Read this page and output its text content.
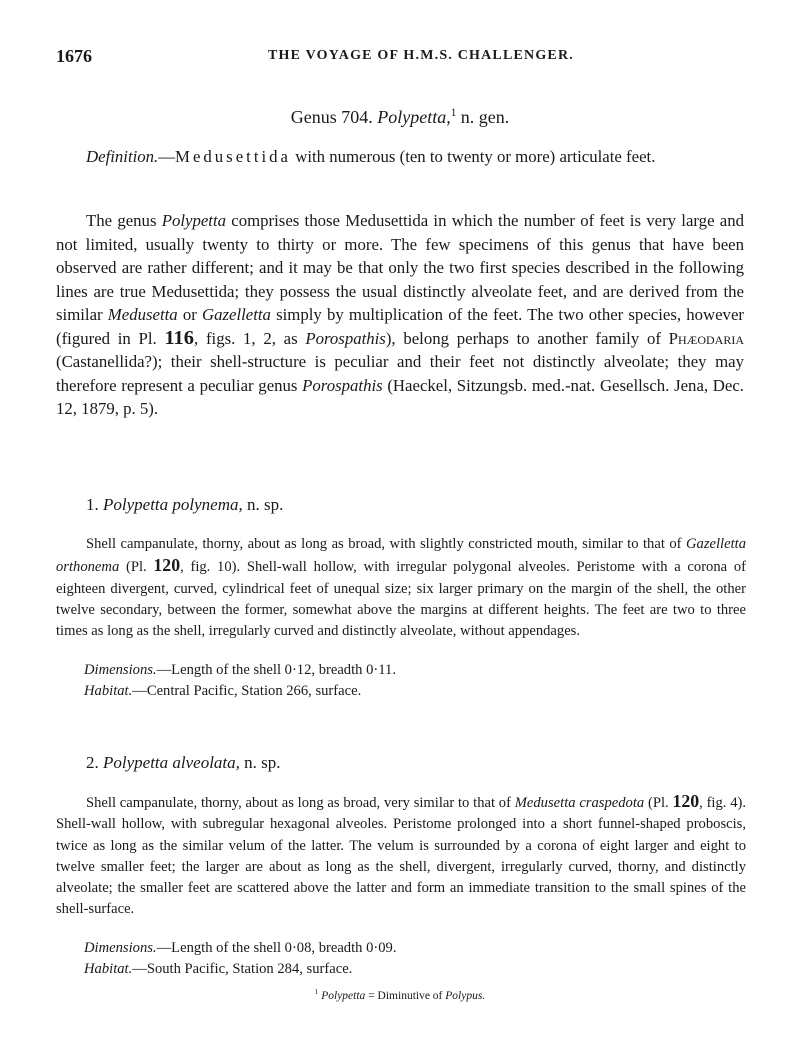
1676	THE VOYAGE OF H.M.S. CHALLENGER.
Genus 704. Polypetta,$^1$ n. gen.
Definition.—Medusettida with numerous (ten to twenty or more) articulate feet.
The genus Polypetta comprises those Medusettida in which the number of feet is very large and not limited, usually twenty to thirty or more. The few specimens of this genus that have been observed are rather different; and it may be that only the two first species described in the following lines are true Medusettida; they possess the usual distinctly alveolate feet, and are derived from the similar Medusetta or Gazelletta simply by multiplication of the feet. The two other species, however (figured in Pl. 116, figs. 1, 2, as Porospathis), belong perhaps to another family of Phæodaria (Castanellida?); their shell-structure is peculiar and their feet not distinctly alveolate; they may therefore represent a peculiar genus Porospathis (Haeckel, Sitzungsb. med.-nat. Gesellsch. Jena, Dec. 12, 1879, p. 5).
1. Polypetta polynema, n. sp.
Shell campanulate, thorny, about as long as broad, with slightly constricted mouth, similar to that of Gazelletta orthonema (Pl. 120, fig. 10). Shell-wall hollow, with irregular polygonal alveoles. Peristome with a corona of eighteen divergent, curved, cylindrical feet of unequal size; six larger primary on the margin of the shell, the other twelve secondary, between the former, somewhat above the margins at different heights. The feet are two to three times as long as the shell, irregularly curved and distinctly alveolate, without appendages.
Dimensions.—Length of the shell 0·12, breadth 0·11.
Habitat.—Central Pacific, Station 266, surface.
2. Polypetta alveolata, n. sp.
Shell campanulate, thorny, about as long as broad, very similar to that of Medusetta craspedota (Pl. 120, fig. 4). Shell-wall hollow, with subregular hexagonal alveoles. Peristome prolonged into a short funnel-shaped proboscis, twice as long as the similar velum of the latter. The velum is surrounded by a corona of eight larger and eight to twelve smaller feet; the larger are about as long as the shell, divergent, irregularly curved, thorny, and distinctly alveolate; the smaller feet are scattered above the latter and form an immediate transition to the small spines of the shell-surface.
Dimensions.—Length of the shell 0·08, breadth 0·09.
Habitat.—South Pacific, Station 284, surface.
$^1$ Polypetta = Diminutive of Polypus.
